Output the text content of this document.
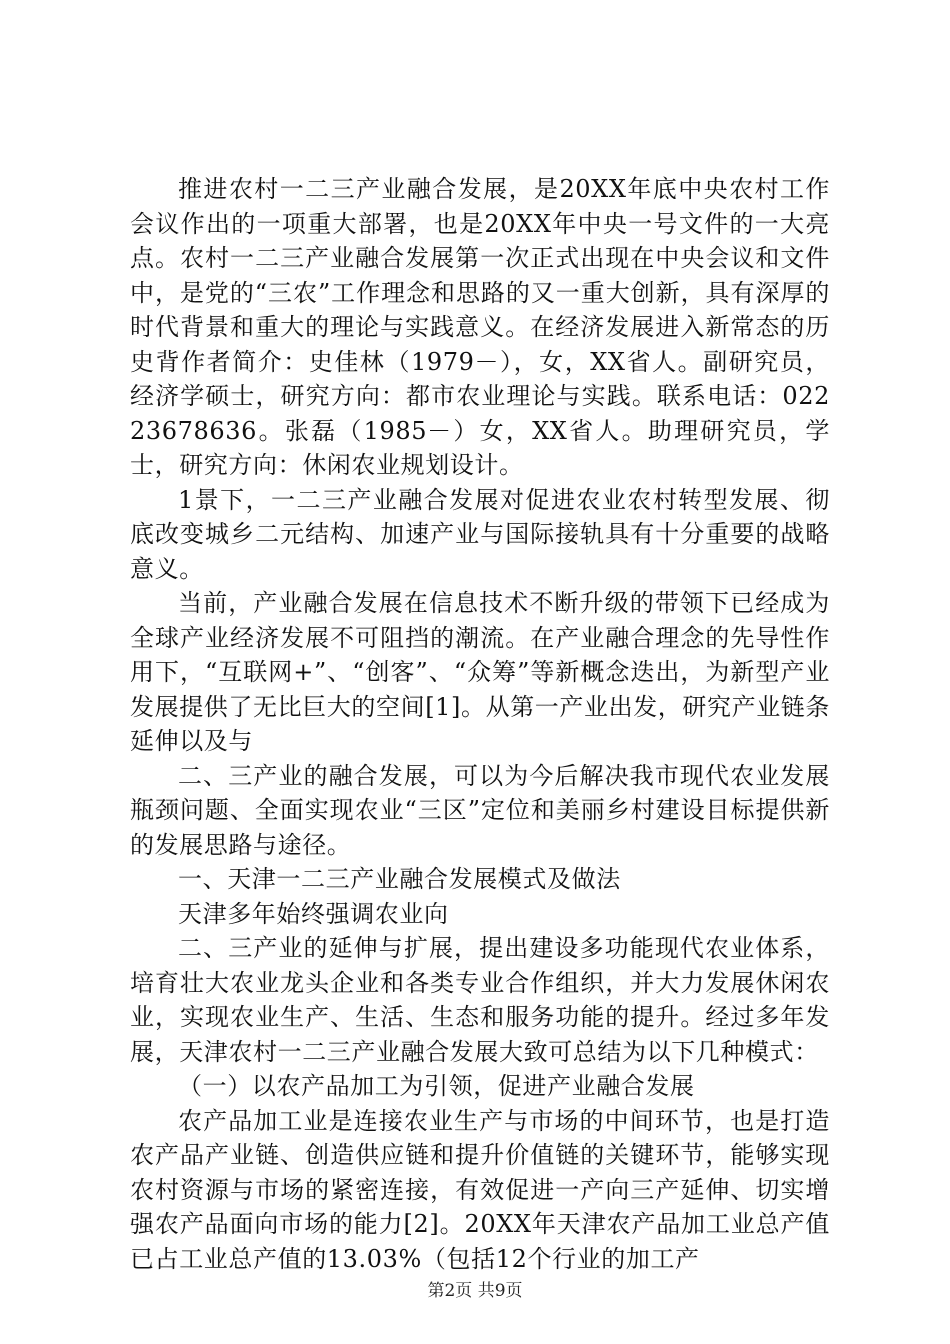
推进农村一二三产业融合发展，是20XX年底中央农村工作会议作出的一项重大部署，也是20XX年中央一号文件的一大亮点。农村一二三产业融合发展第一次正式出现在中央会议和文件中，是党的“三农”工作理念和思路的又一重大创新，具有深厚的时代背景和重大的理论与实践意义。在经济发展进入新常态的历史背作者简介：史佳林（1979－），女，XX省人。副研究员，经济学硕士，研究方向：都市农业理论与实践。联系电话：02223678636。张磊（1985－）女，XX省人。助理研究员，学士，研究方向：休闲农业规划设计。

1景下，一二三产业融合发展对促进农业农村转型发展、彻底改变城乡二元结构、加速产业与国际接轨具有十分重要的战略意义。

当前，产业融合发展在信息技术不断升级的带领下已经成为全球产业经济发展不可阻挡的潮流。在产业融合理念的先导性作用下，“互联网+”、“创客”、“众筹”等新概念迭出，为新型产业发展提供了无比巨大的空间[1]。从第一产业出发，研究产业链条延伸以及与

二、三产业的融合发展，可以为今后解决我市现代农业发展瓶颈问题、全面实现农业“三区”定位和美丽乡村建设目标提供新的发展思路与途径。

一、天津一二三产业融合发展模式及做法

天津多年始终强调农业向

二、三产业的延伸与扩展，提出建设多功能现代农业体系，培育壮大农业龙头企业和各类专业合作组织，并大力发展休闲农业，实现农业生产、生活、生态和服务功能的提升。经过多年发展，天津农村一二三产业融合发展大致可总结为以下几种模式：

（一）以农产品加工为引领，促进产业融合发展

农产品加工业是连接农业生产与市场的中间环节，也是打造农产品产业链、创造供应链和提升价值链的关键环节，能够实现农村资源与市场的紧密连接，有效促进一产向三产延伸、切实增强农产品面向市场的能力[2]。20XX年天津农产品加工业总产值已占工业总产值的13.03%（包括12个行业的加工产

第2页 共9页
